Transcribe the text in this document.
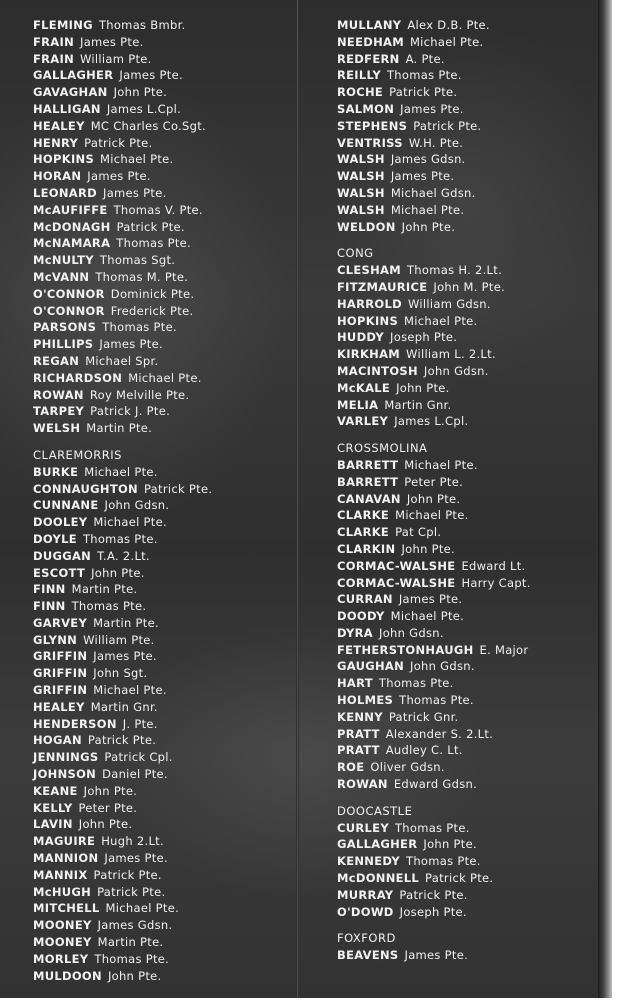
FLEMING Thomas Bmbr.
FRAIN James Pte.
FRAIN William Pte.
GALLAGHER James Pte.
GAVAGHAN John Pte.
HALLIGAN James L.Cpl.
HEALEY MC Charles Co.Sgt.
HENRY Patrick Pte.
HOPKINS Michael Pte.
HORAN James Pte.
LEONARD James Pte.
McAUFIFFE Thomas V. Pte.
McDONAGH Patrick Pte.
McNAMARA Thomas Pte.
McNULTY Thomas Sgt.
McVANN Thomas M. Pte.
O'CONNOR Dominick Pte.
O'CONNOR Frederick Pte.
PARSONS Thomas Pte.
PHILLIPS James Pte.
REGAN Michael Spr.
RICHARDSON Michael Pte.
ROWAN Roy Melville Pte.
TARPEY Patrick J. Pte.
WELSH Martin Pte.
CLAREMORRIS
BURKE Michael Pte.
CONNAUGHTON Patrick Pte.
CUNNANE John Gdsn.
DOOLEY Michael Pte.
DOYLE Thomas Pte.
DUGGAN T.A. 2.Lt.
ESCOTT John Pte.
FINN Martin Pte.
FINN Thomas Pte.
GARVEY Martin Pte.
GLYNN William Pte.
GRIFFIN James Pte.
GRIFFIN John Sgt.
GRIFFIN Michael Pte.
HEALEY Martin Gnr.
HENDERSON J. Pte.
HOGAN Patrick Pte.
JENNINGS Patrick Cpl.
JOHNSON Daniel Pte.
KEANE John Pte.
KELLY Peter Pte.
LAVIN John Pte.
MAGUIRE Hugh 2.Lt.
MANNION James Pte.
MANNIX Patrick Pte.
McHUGH Patrick Pte.
MITCHELL Michael Pte.
MOONEY James Gdsn.
MOONEY Martin Pte.
MORLEY Thomas Pte.
MULDOON John Pte.
MULLANY Alex D.B. Pte.
NEEDHAM Michael Pte.
REDFERN A. Pte.
REILLY Thomas Pte.
ROCHE Patrick Pte.
SALMON James Pte.
STEPHENS Patrick Pte.
VENTRISS W.H. Pte.
WALSH James Gdsn.
WALSH James Pte.
WALSH Michael Gdsn.
WALSH Michael Pte.
WELDON John Pte.
CONG
CLESHAM Thomas H. 2.Lt.
FITZMAURICE John M. Pte.
HARROLD William Gdsn.
HOPKINS Michael Pte.
HUDDY Joseph Pte.
KIRKHAM William L. 2.Lt.
MACINTOSH John Gdsn.
McKALE John Pte.
MELIA Martin Gnr.
VARLEY James L.Cpl.
CROSSMOLINA
BARRETT Michael Pte.
BARRETT Peter Pte.
CANAVAN John Pte.
CLARKE Michael Pte.
CLARKE Pat Cpl.
CLARKIN John Pte.
CORMAC-WALSHE Edward Lt.
CORMAC-WALSHE Harry Capt.
CURRAN James Pte.
DOODY Michael Pte.
DYRA John Gdsn.
FETHERSTONHAUGH E. Major
GAUGHAN John Gdsn.
HART Thomas Pte.
HOLMES Thomas Pte.
KENNY Patrick Gnr.
PRATT Alexander S. 2.Lt.
PRATT Audley C. Lt.
ROE Oliver Gdsn.
ROWAN Edward Gdsn.
DOOCASTLE
CURLEY Thomas Pte.
GALLAGHER John Pte.
KENNEDY Thomas Pte.
McDONNELL Patrick Pte.
MURRAY Patrick Pte.
O'DOWD Joseph Pte.
FOXFORD
BEAVENS James Pte.
